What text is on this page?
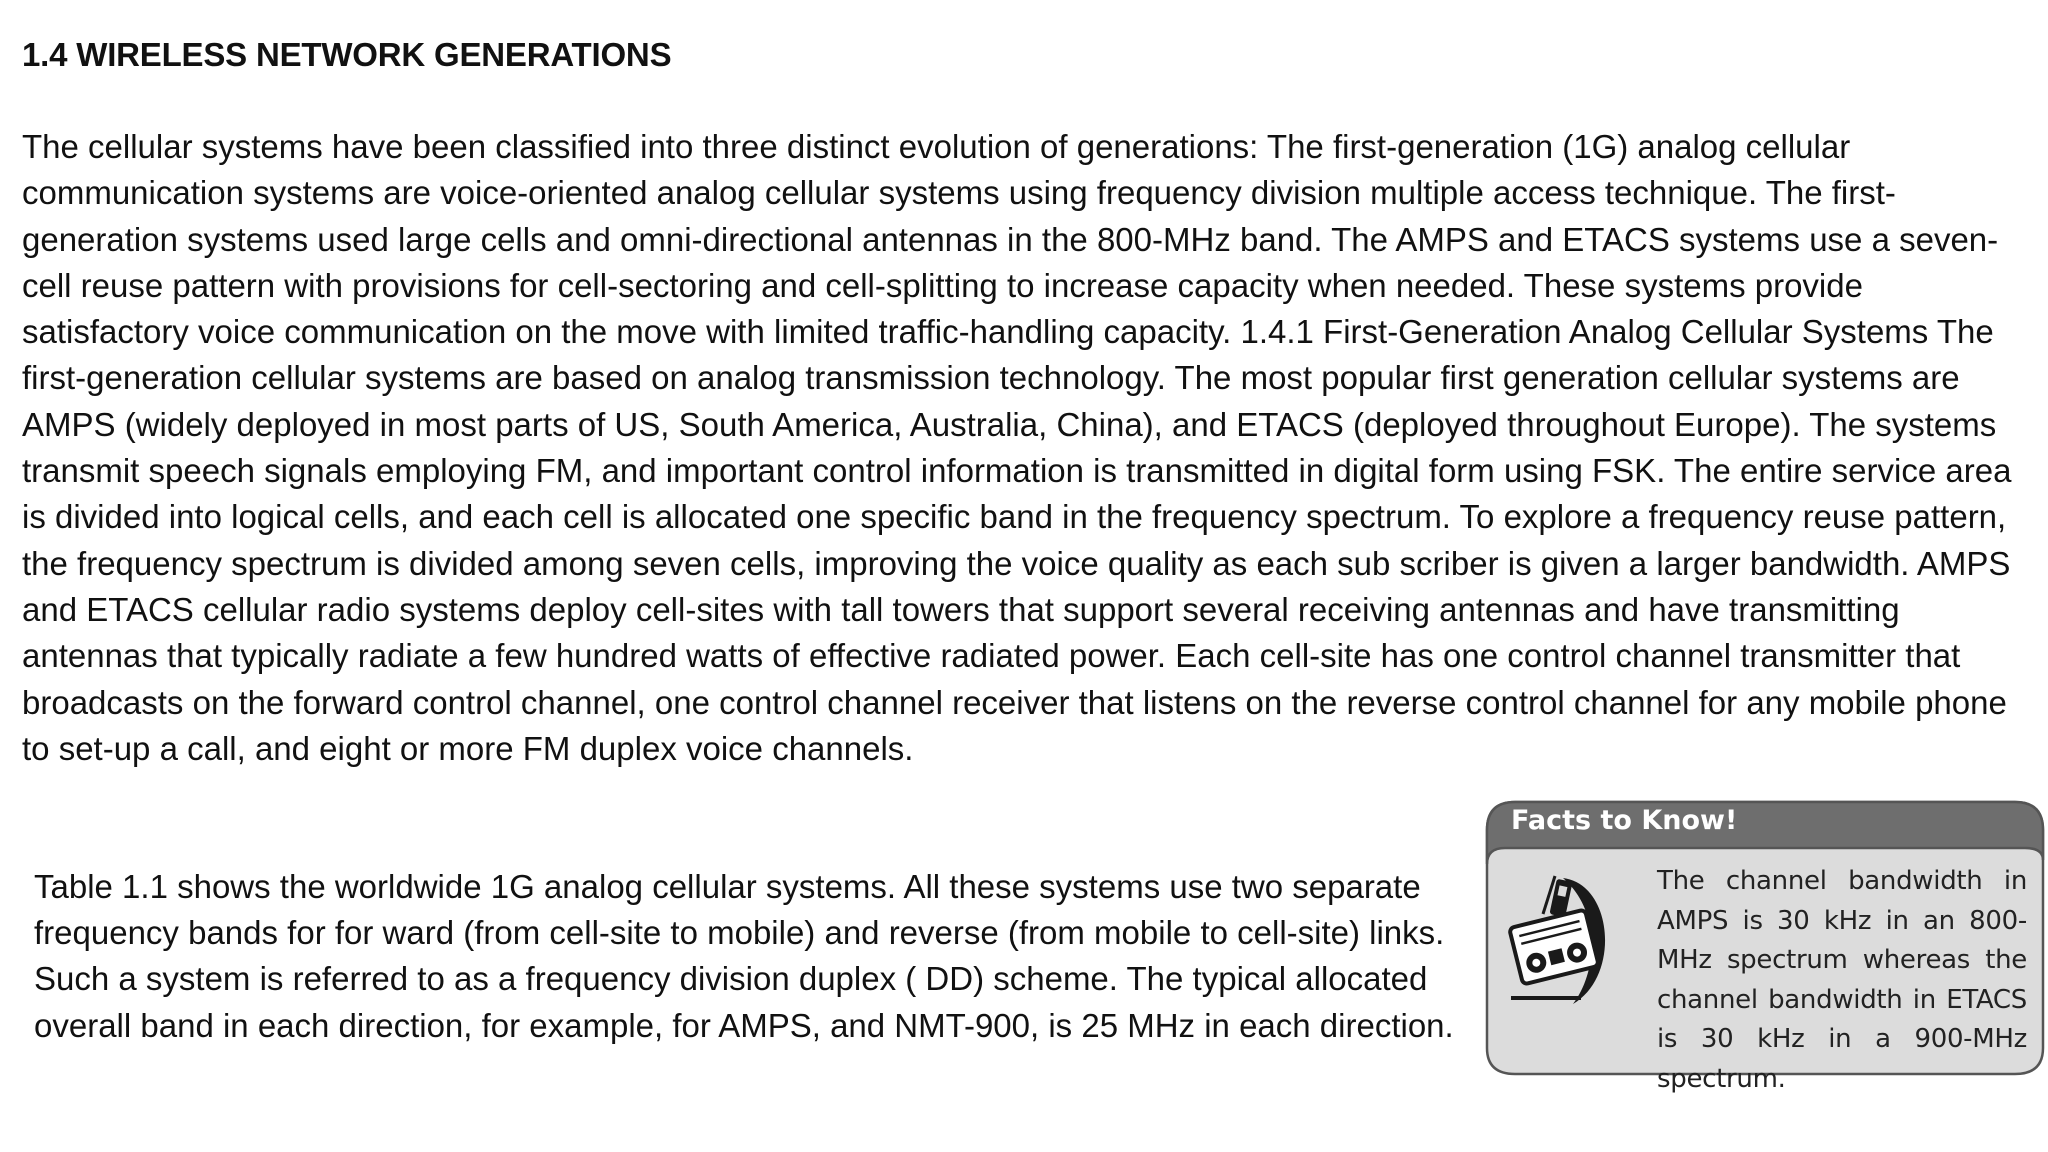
1.4 WIRELESS NETWORK GENERATIONS

The cellular systems have been classified into three distinct evolution of generations: The first-generation (1G) analog cellular communication systems are voice-oriented analog cellular systems using frequency division multiple access technique. The first-generation systems used large cells and omni-directional antennas in the 800-MHz band. The AMPS and ETACS systems use a seven-cell reuse pattern with provisions for cell-sectoring and cell-splitting to increase capacity when needed. These systems provide satisfactory voice communication on the move with limited traffic-handling capacity. 1.4.1 First-Generation Analog Cellular Systems The first-generation cellular systems are based on analog transmission technology. The most popular first generation cellular systems are AMPS (widely deployed in most parts of US, South America, Australia, China), and ETACS (deployed throughout Europe). The systems transmit speech signals employing FM, and important control information is transmitted in digital form using FSK. The entire service area is divided into logical cells, and each cell is allocated one specific band in the frequency spectrum. To explore a frequency reuse pattern, the frequency spectrum is divided among seven cells, improving the voice quality as each sub scriber is given a larger bandwidth. AMPS and ETACS cellular radio systems deploy cell-sites with tall towers that support several receiving antennas and have transmitting antennas that typically radiate a few hundred watts of effective radiated power. Each cell-site has one control channel transmitter that broadcasts on the forward control channel, one control channel receiver that listens on the reverse control channel for any mobile phone to set-up a call, and eight or more FM duplex voice channels.

Table 1.1 shows the worldwide 1G analog cellular systems. All these systems use two separate frequency bands for for ward (from cell-site to mobile) and reverse (from mobile to cell-site) links. Such a system is referred to as a frequency division duplex ( DD) scheme. The typical allocated overall band in each direction, for example, for AMPS, and NMT-900, is 25 MHz in each direction.

Facts to Know!
The channel bandwidth in AMPS is 30 kHz in an 800-MHz spectrum whereas the channel bandwidth in ETACS is 30 kHz in a 900-MHz spectrum.
